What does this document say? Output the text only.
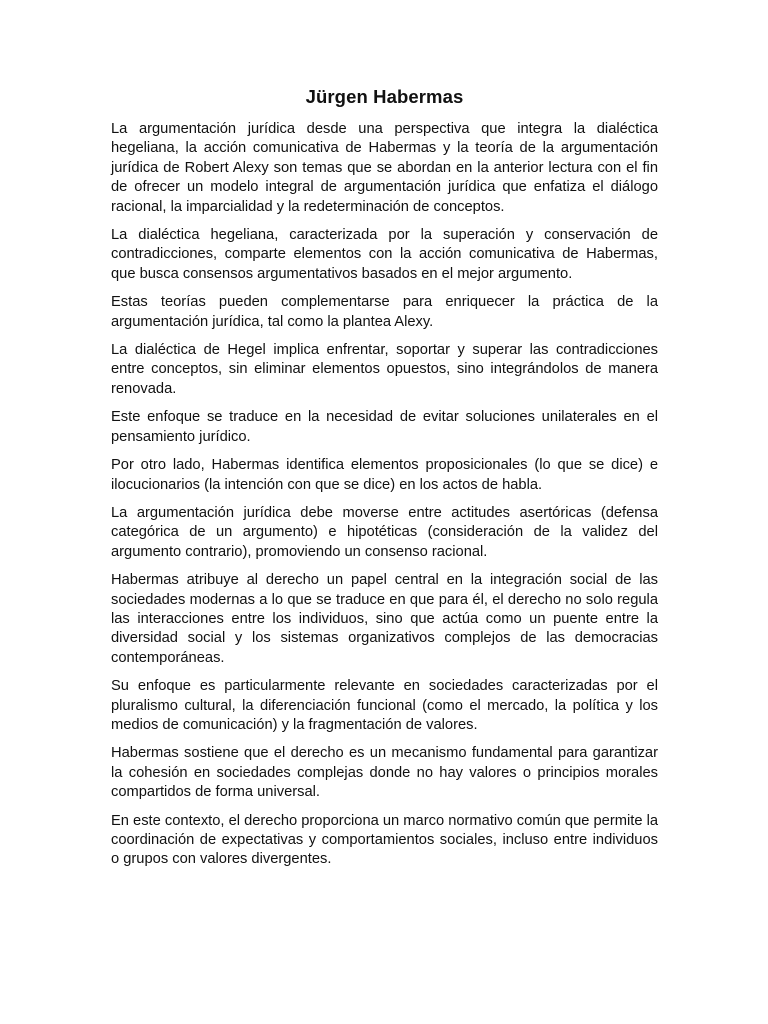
Jürgen Habermas

La argumentación jurídica desde una perspectiva que integra la dialéctica hegeliana, la acción comunicativa de Habermas y la teoría de la argumentación jurídica de Robert Alexy son temas que se abordan en la anterior lectura con el fin de ofrecer un modelo integral de argumentación jurídica que enfatiza el diálogo racional, la imparcialidad y la redeterminación de conceptos.

La dialéctica hegeliana, caracterizada por la superación y conservación de contradicciones, comparte elementos con la acción comunicativa de Habermas, que busca consensos argumentativos basados en el mejor argumento.

Estas teorías pueden complementarse para enriquecer la práctica de la argumentación jurídica, tal como la plantea Alexy.

La dialéctica de Hegel implica enfrentar, soportar y superar las contradicciones entre conceptos, sin eliminar elementos opuestos, sino integrándolos de manera renovada.

Este enfoque se traduce en la necesidad de evitar soluciones unilaterales en el pensamiento jurídico.

Por otro lado, Habermas identifica elementos proposicionales (lo que se dice) e ilocucionarios (la intención con que se dice) en los actos de habla.

La argumentación jurídica debe moverse entre actitudes asertóricas (defensa categórica de un argumento) e hipotéticas (consideración de la validez del argumento contrario), promoviendo un consenso racional.

Habermas atribuye al derecho un papel central en la integración social de las sociedades modernas a lo que se traduce en que para él, el derecho no solo regula las interacciones entre los individuos, sino que actúa como un puente entre la diversidad social y los sistemas organizativos complejos de las democracias contemporáneas.

Su enfoque es particularmente relevante en sociedades caracterizadas por el pluralismo cultural, la diferenciación funcional (como el mercado, la política y los medios de comunicación) y la fragmentación de valores.

Habermas sostiene que el derecho es un mecanismo fundamental para garantizar la cohesión en sociedades complejas donde no hay valores o principios morales compartidos de forma universal.

En este contexto, el derecho proporciona un marco normativo común que permite la coordinación de expectativas y comportamientos sociales, incluso entre individuos o grupos con valores divergentes.
